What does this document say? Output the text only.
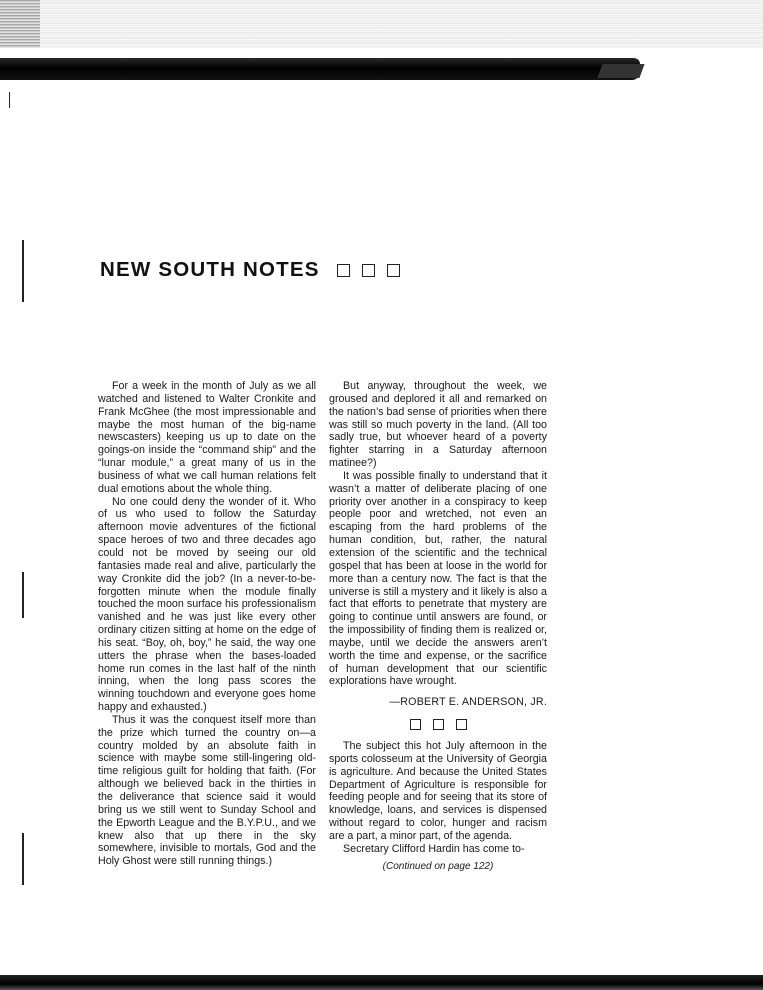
NEW SOUTH NOTES

For a week in the month of July as we all watched and listened to Walter Cronkite and Frank McGhee (the most impressionable and maybe the most human of the big-name newscasters) keeping us up to date on the goings-on inside the “command ship” and the “lunar module,” a great many of us in the business of what we call human relations felt dual emotions about the whole thing.

No one could deny the wonder of it. Who of us who used to follow the Saturday afternoon movie adventures of the fictional space heroes of two and three decades ago could not be moved by seeing our old fantasies made real and alive, particularly the way Cronkite did the job? (In a never-to-be-forgotten minute when the module finally touched the moon surface his professionalism vanished and he was just like every other ordinary citizen sitting at home on the edge of his seat. “Boy, oh, boy,” he said, the way one utters the phrase when the bases-loaded home run comes in the last half of the ninth inning, when the long pass scores the winning touchdown and everyone goes home happy and exhausted.)

Thus it was the conquest itself more than the prize which turned the country on—a country molded by an absolute faith in science with maybe some still-lingering old-time religious guilt for holding that faith. (For although we believed back in the thirties in the deliverance that science said it would bring us we still went to Sunday School and the Epworth League and the B.Y.P.U., and we knew also that up there in the sky somewhere, invisible to mortals, God and the Holy Ghost were still running things.)

But anyway, throughout the week, we groused and deplored it all and remarked on the nation’s bad sense of priorities when there was still so much poverty in the land. (All too sadly true, but whoever heard of a poverty fighter starring in a Saturday afternoon matinee?)

It was possible finally to understand that it wasn’t a matter of deliberate placing of one priority over another in a conspiracy to keep people poor and wretched, not even an escaping from the hard problems of the human condition, but, rather, the natural extension of the scientific and the technical gospel that has been at loose in the world for more than a century now. The fact is that the universe is still a mystery and it likely is also a fact that efforts to penetrate that mystery are going to continue until answers are found, or the impossibility of finding them is realized or, maybe, until we decide the answers aren’t worth the time and expense, or the sacrifice of human development that our scientific explorations have wrought.

—ROBERT E. ANDERSON, JR.

The subject this hot July afternoon in the sports colosseum at the University of Georgia is agriculture. And because the United States Department of Agriculture is responsible for feeding people and for seeing that its store of knowledge, loans, and services is dispensed without regard to color, hunger and racism are a part, a minor part, of the agenda.

Secretary Clifford Hardin has come to-

(Continued on page 122)
